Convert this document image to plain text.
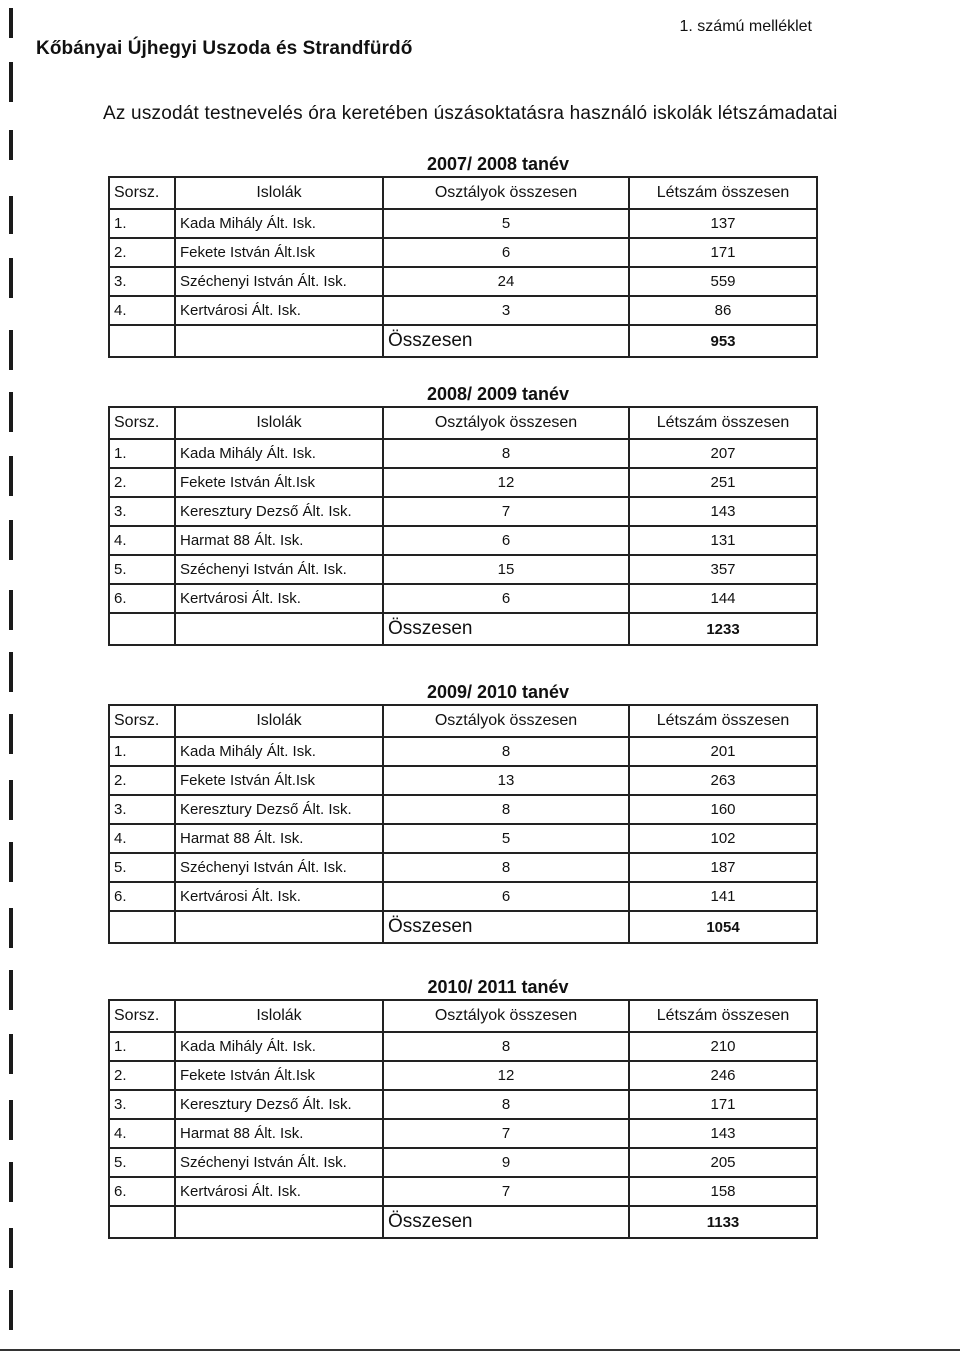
Kőbányai Újhegyi Uszoda és Strandfürdő
1. számú melléklet
Az uszodát testnevelés óra keretében úszásoktatásra használó iskolák létszámadatai
2007/ 2008 tanév
Sorsz.	Islolák	Osztályok összesen	Létszám összesen
1.	Kada Mihály Ált. Isk.	5	137
2.	Fekete István Ált.Isk	6	171
3.	Széchenyi István Ált. Isk.	24	559
4.	Kertvárosi Ált. Isk.	3	86
		Összesen	953
2008/ 2009 tanév
Sorsz.	Islolák	Osztályok összesen	Létszám összesen
1.	Kada Mihály Ált. Isk.	8	207
2.	Fekete István Ált.Isk	12	251
3.	Keresztury Dezső Ált. Isk.	7	143
4.	Harmat 88 Ált. Isk.	6	131
5.	Széchenyi István Ált. Isk.	15	357
6.	Kertvárosi Ált. Isk.	6	144
		Összesen	1233
2009/ 2010 tanév
Sorsz.	Islolák	Osztályok összesen	Létszám összesen
1.	Kada Mihály Ált. Isk.	8	201
2.	Fekete István Ált.Isk	13	263
3.	Keresztury Dezső Ált. Isk.	8	160
4.	Harmat 88 Ált. Isk.	5	102
5.	Széchenyi István Ált. Isk.	8	187
6.	Kertvárosi Ált. Isk.	6	141
		Összesen	1054
2010/ 2011 tanév
Sorsz.	Islolák	Osztályok összesen	Létszám összesen
1.	Kada Mihály Ált. Isk.	8	210
2.	Fekete István Ált.Isk	12	246
3.	Keresztury Dezső Ált. Isk.	8	171
4.	Harmat 88 Ált. Isk.	7	143
5.	Széchenyi István Ált. Isk.	9	205
6.	Kertvárosi Ált. Isk.	7	158
		Összesen	1133
